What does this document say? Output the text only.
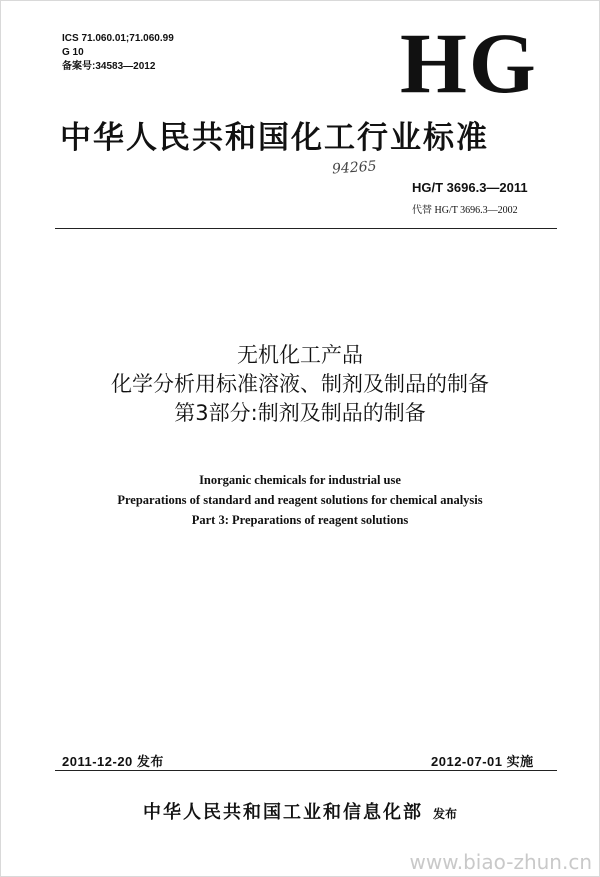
ICS 71.060.01;71.060.99
G 10
备案号:34583—2012	HG
中华人民共和国化工行业标准
94265
HG/T 3696.3—2011
代替 HG/T 3696.3—2002
无机化工产品
化学分析用标准溶液、制剂及制品的制备
第3部分:制剂及制品的制备
Inorganic chemicals for industrial use
Preparations of standard and reagent solutions for chemical analysis
Part 3: Preparations of reagent solutions
2011-12-20 发布	2012-07-01 实施
中华人民共和国工业和信息化部 发布
www.biao-zhun.cn
